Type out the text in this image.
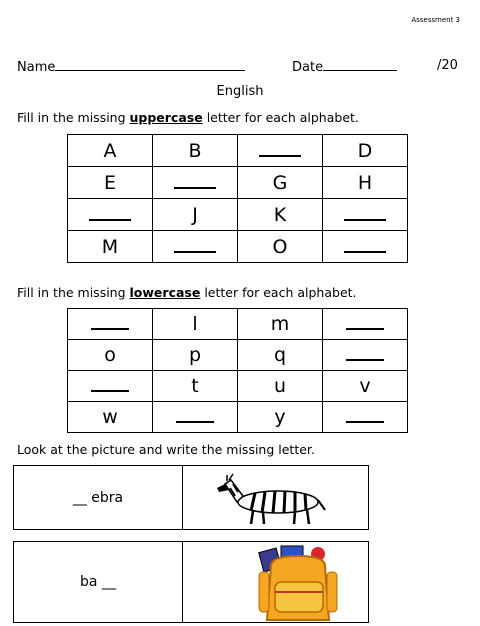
Assessment 3
Name	Date	/20
English
Fill in the missing uppercase letter for each alphabet.
A	B		D
E		G	H
	J	K	
M		O	
Fill in the missing lowercase letter for each alphabet.
	l	m	
o	p	q	
	t	u	v
w		y	
Look at the picture and write the missing letter.
__ ebra
ba __
